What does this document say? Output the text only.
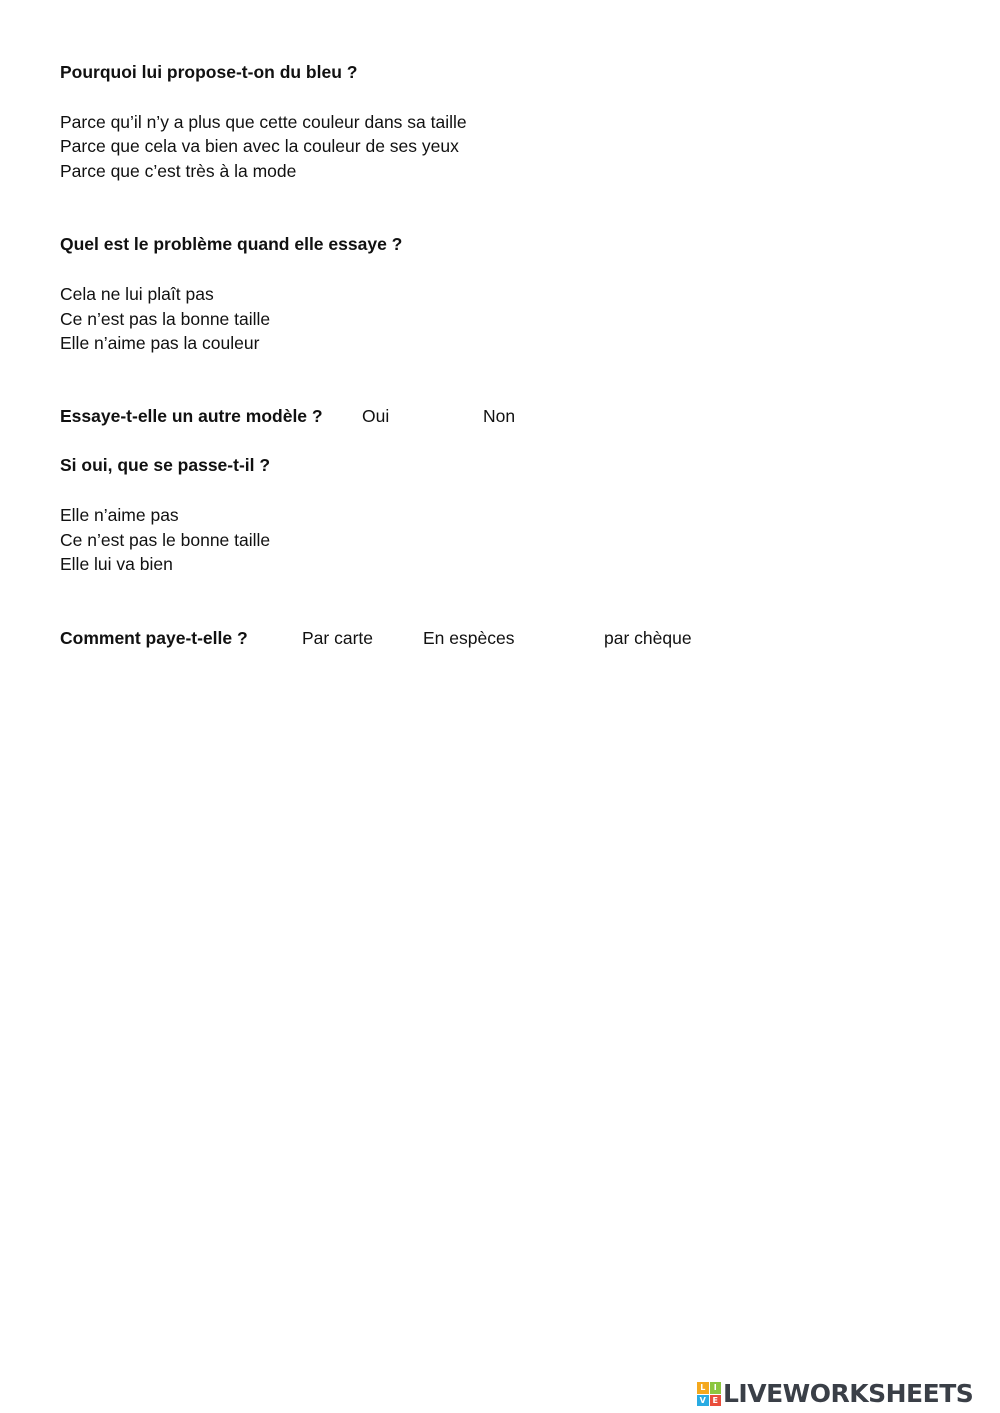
Pourquoi lui propose-t-on du bleu ?
Parce qu’il n’y a plus que cette couleur dans sa taille
Parce que cela va bien avec la couleur de ses yeux
Parce que c’est très à la mode
Quel est le problème quand elle essaye ?
Cela ne lui plaît pas
Ce n’est pas la bonne taille
Elle n’aime pas la couleur
Essaye-t-elle un autre modèle ? Oui	Non
Si oui, que se passe-t-il ?
Elle n’aime pas
Ce n’est pas le bonne taille
Elle lui va bien
Comment paye-t-elle ?	Par carte	En espèces	par chèque
L	I
V E LIVEWORKSHEETS
